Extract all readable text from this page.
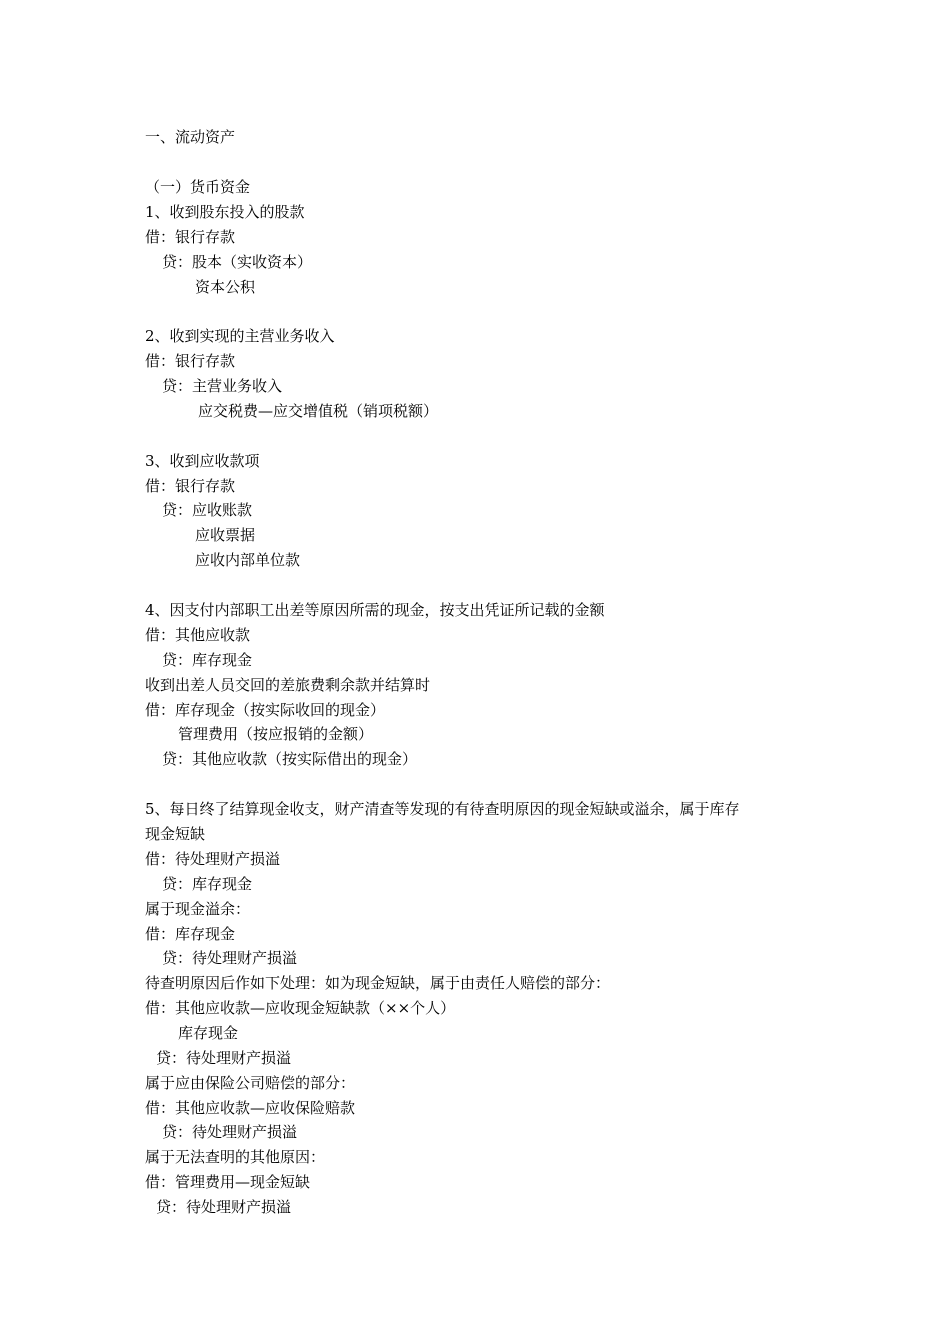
一、流动资产
（一）货币资金
1、收到股东投入的股款
借：银行存款
贷：股本（实收资本）
资本公积
2、收到实现的主营业务收入
借：银行存款
贷：主营业务收入
应交税费—应交增值税（销项税额）
3、收到应收款项
借：银行存款
贷：应收账款
应收票据
应收内部单位款
4、因支付内部职工出差等原因所需的现金，按支出凭证所记载的金额
借：其他应收款
贷：库存现金
收到出差人员交回的差旅费剩余款并结算时
借：库存现金（按实际收回的现金）
管理费用（按应报销的金额）
贷：其他应收款（按实际借出的现金）
5、每日终了结算现金收支，财产清查等发现的有待查明原因的现金短缺或溢余，属于库存
现金短缺
借：待处理财产损溢
贷：库存现金
属于现金溢余：
借：库存现金
贷：待处理财产损溢
待查明原因后作如下处理：如为现金短缺，属于由责任人赔偿的部分：
借：其他应收款—应收现金短缺款（××个人）
库存现金
贷：待处理财产损溢
属于应由保险公司赔偿的部分：
借：其他应收款—应收保险赔款
贷：待处理财产损溢
属于无法查明的其他原因：
借：管理费用—现金短缺
贷：待处理财产损溢
